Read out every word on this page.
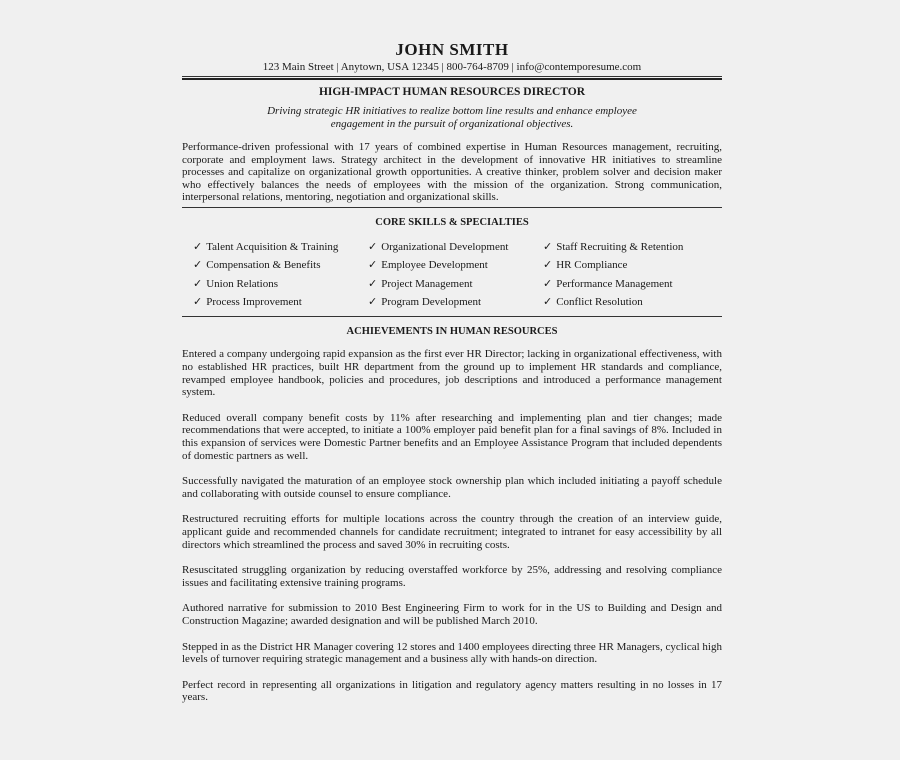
JOHN SMITH

123 Main Street | Anytown, USA 12345 | 800-764-8709 | info@contemporesume.com

HIGH-IMPACT HUMAN RESOURCES DIRECTOR
Driving strategic HR initiatives to realize bottom line results and enhance employee engagement in the pursuit of organizational objectives.

Performance-driven professional with 17 years of combined expertise in Human Resources management, recruiting, corporate and employment laws. Strategy architect in the development of innovative HR initiatives to streamline processes and capitalize on organizational growth opportunities. A creative thinker, problem solver and decision maker who effectively balances the needs of employees with the mission of the organization. Strong communication, interpersonal relations, mentoring, negotiation and organizational skills.

CORE SKILLS & SPECIALTIES
✓ Talent Acquisition & Training	✓ Organizational Development	✓ Staff Recruiting & Retention
✓ Compensation & Benefits	✓ Employee Development	✓ HR Compliance
✓ Union Relations	✓ Project Management	✓ Performance Management
✓ Process Improvement	✓ Program Development	✓ Conflict Resolution
ACHIEVEMENTS IN HUMAN RESOURCES

Entered a company undergoing rapid expansion as the first ever HR Director; lacking in organizational effectiveness, with no established HR practices, built HR department from the ground up to implement HR standards and compliance, revamped employee handbook, policies and procedures, job descriptions and introduced a performance management system.

Reduced overall company benefit costs by 11% after researching and implementing plan and tier changes; made recommendations that were accepted, to initiate a 100% employer paid benefit plan for a final savings of 8%. Included in this expansion of services were Domestic Partner benefits and an Employee Assistance Program that included dependents of domestic partners as well.

Successfully navigated the maturation of an employee stock ownership plan which included initiating a payoff schedule and collaborating with outside counsel to ensure compliance.

Restructured recruiting efforts for multiple locations across the country through the creation of an interview guide, applicant guide and recommended channels for candidate recruitment; integrated to intranet for easy accessibility by all directors which streamlined the process and saved 30% in recruiting costs.

Resuscitated struggling organization by reducing overstaffed workforce by 25%, addressing and resolving compliance issues and facilitating extensive training programs.

Authored narrative for submission to 2010 Best Engineering Firm to work for in the US to Building and Design and Construction Magazine; awarded designation and will be published March 2010.

Stepped in as the District HR Manager covering 12 stores and 1400 employees directing three HR Managers, cyclical high levels of turnover requiring strategic management and a business ally with hands-on direction.

Perfect record in representing all organizations in litigation and regulatory agency matters resulting in no losses in 17 years.
